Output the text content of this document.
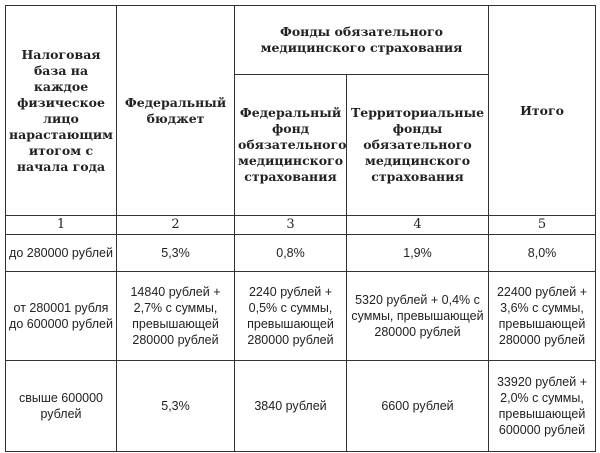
Налоговая база на каждое физическое лицо нарастающим итогом с начала года	Федеральный бюджет	Фонды обязательного медицинского страхования		Итого
		Федеральный фонд обязательного медицинского страхования	Территориальные фонды обязательного медицинского страхования	
1	2	3	4	5
до 280000 рублей	5,3%	0,8%	1,9%	8,0%
от 280001 рубля до 600000 рублей	14840 рублей + 2,7% с суммы, превышающей 280000 рублей	2240 рублей + 0,5% с суммы, превышающей 280000 рублей	5320 рублей + 0,4% с суммы, превышающей 280000 рублей	22400 рублей + 3,6% с суммы, превышающей 280000 рублей
свыше 600000 рублей	5,3%	3840 рублей	6600 рублей	33920 рублей + 2,0% с суммы, превышающей 600000 рублей
